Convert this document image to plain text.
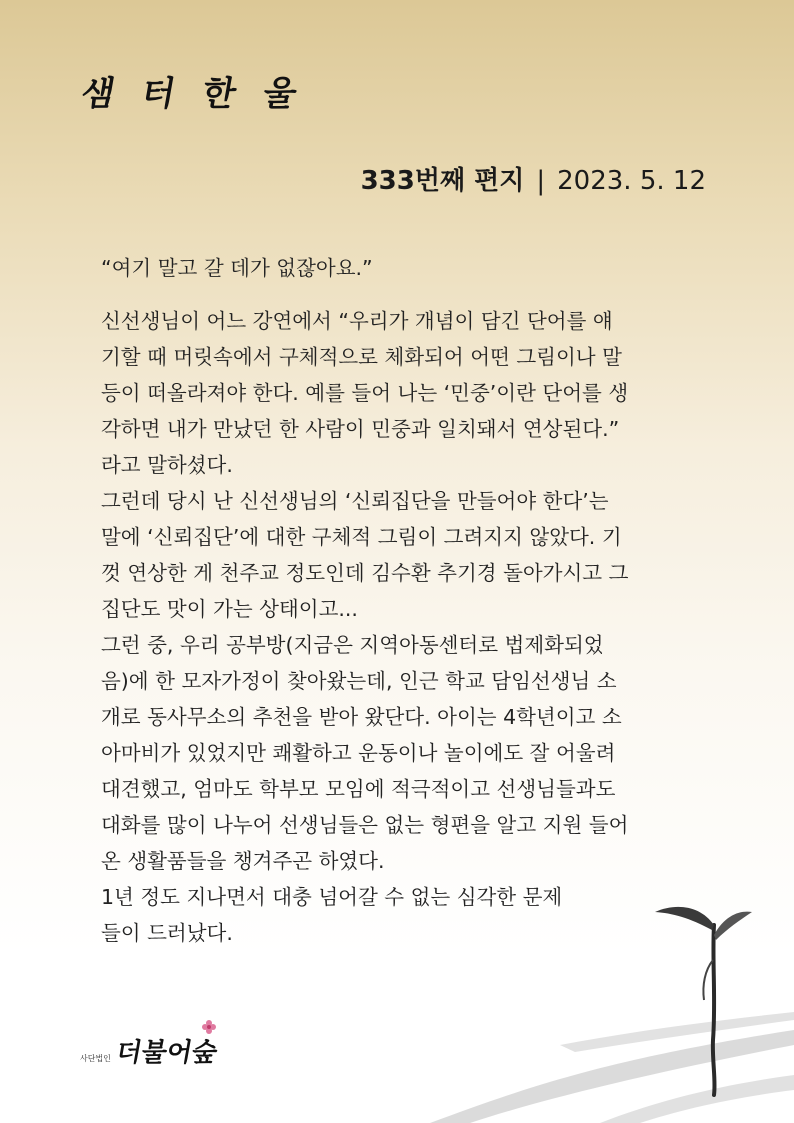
샘 터 한 울
333번째 편지 | 2023. 5. 12
“여기 말고 갈 데가 없잖아요.”
신선생님이 어느 강연에서 “우리가 개념이 담긴 단어를 얘
기할 때 머릿속에서 구체적으로 체화되어 어떤 그림이나 말
등이 떠올라져야 한다. 예를 들어 나는 ‘민중’이란 단어를 생
각하면 내가 만났던 한 사람이 민중과 일치돼서 연상된다.”
라고 말하셨다.
그런데 당시 난 신선생님의 ‘신뢰집단을 만들어야 한다’는
말에 ‘신뢰집단’에 대한 구체적 그림이 그려지지 않았다. 기
껏 연상한 게 천주교 정도인데 김수환 추기경 돌아가시고 그
집단도 맛이 가는 상태이고...
그런 중, 우리 공부방(지금은 지역아동센터로 법제화되었
음)에 한 모자가정이 찾아왔는데, 인근 학교 담임선생님 소
개로 동사무소의 추천을 받아 왔단다. 아이는 4학년이고 소
아마비가 있었지만 쾌활하고 운동이나 놀이에도 잘 어울려
대견했고, 엄마도 학부모 모임에 적극적이고 선생님들과도
대화를 많이 나누어 선생님들은 없는 형편을 알고 지원 들어
온 생활품들을 챙겨주곤 하였다.
1년 정도 지나면서 대충 넘어갈 수 없는 심각한 문제
들이 드러났다.
사단법인 더불어숲
